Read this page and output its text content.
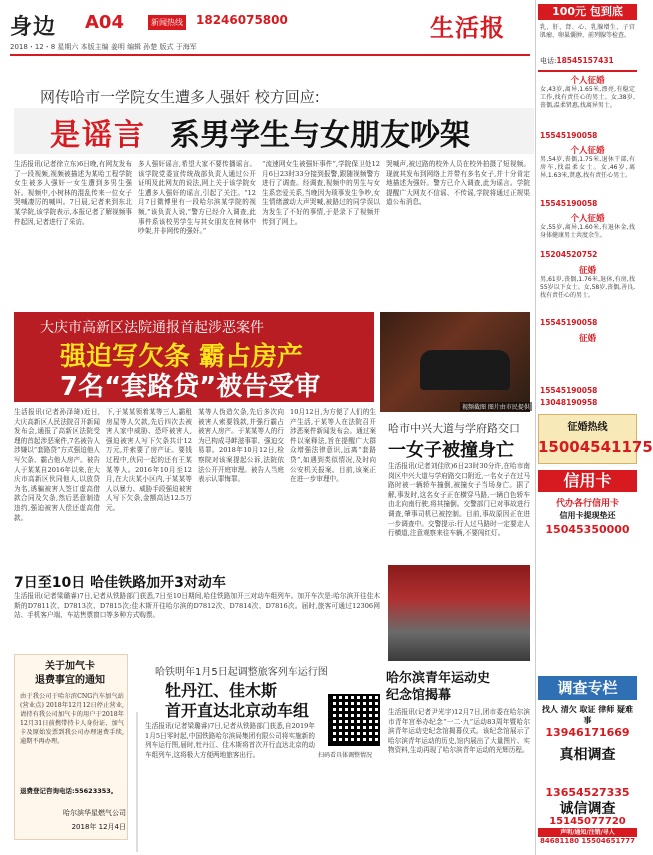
身边 A04	新闻热线 18246075800	生活报
2018・12・8 星期六 本版主编 姜明 编辑 孙楚 版式 于海军
网传哈市一学院女生遭多人强奸 校方回应:
是谣言 系男学生与女朋友吵架
生活报讯(记者徐立东)6日晚,有网友发布了一段视频,视频被描述为某哈工程学院女生被多人强奸一女生遭到多男生强奸。视频中,小树林的混乱传来一位女子哭喊凄厉的喊叫。7日晨,记者来到东北某学院,该学院表示,本报记者了解视频事件起因,记者进行了采访。
多人强奸谣言,希望大家不要传播谣言。该学院党委宣传统战部负责人通过公开证明及此网友的说法,网上关于该学院女生遭多人强奸的谣言,引起了关注。“12月7日微博里有一段哈尔滨某学院的视频,”该负责人说,“警方已经介入调查,此事件系该校男学生与其女朋友在树林中吵架,并非网传的强奸。”
“流速网女生被强奸事件”,学院保卫处12月6日23时33分接到报警,跟随视频警方进行了调查。经调查,视频中的男生与女生系恋爱关系,当晚因为琐事发生争吵,女生情绪激动大声哭喊,被路过的同学误以为发生了不好的事情,于是录下了视频并传到了网上。
哭喊声,被过路的校外人员在校外拍摄了短视频。现就其发布到网络上并带有多名女子,并十分肯定地描述为强奸。警方已介入调查,此为谣言。学院提醒广大网友不信谣、不传谣,学院将通过正规渠道公布消息。
大庆市高新区法院通报首起涉恶案件
强迫写欠条 霸占房产
7名“套路贷”被告受审
生活报讯(记者孙泽琦)近日,大庆高新区人民法院召开新闻发布会,通报了高新区法院受理的首起涉恶案件,7名被告人涉嫌以“套路贷”方式强迫他人写欠条、霸占他人房产。被告人于某某自2016年以来,在大庆市高新区伙同他人,以放贷为名,诱骗被害人签订虚高借款合同及欠条,然后恶意制造违约,强迫被害人偿还虚高借款。
下,于某某领着某等三人,霸租房屋等人欠款,先后四次去被害人家中威胁、恐吓被害人,强迫被害人写下欠条共计12万元,并索要了房产证。要钱过程中,伙同一起的还有王某某等人。2016年10月至12月,在大庆某小区内,于某某等人以暴力、威胁手段强迫被害人写下欠条,金额高达12.5万元。
某等人伪造欠条,先后多次向被害人索要钱款,并强行霸占被害人房产。于某某等人的行为已构成寻衅滋事罪、强迫交易罪。2018年10月12日,检察院对该案提起公诉,法院依法公开开庭审理。被告人当庭表示认罪悔罪。
10月12日,为方便了人们的生产生活,于某等人在法院召开涉恶案件新闻发布会。通过案件以案释法,旨在提醒广大群众增强法律意识,远离“套路贷”,如遇到类似情况,及时向公安机关报案。目前,该案正在进一步审理中。
视频截图 图片由市民提供
哈市中兴大道与学府路交口
一女子被撞身亡
生活报讯(记者刘佳欣)6日23时30分许,在哈市南岗区中兴大道与学府路交口附近,一名女子在过马路时被一辆轿车撞倒,被撞女子当场身亡。据了解,事发时,这名女子正在横穿马路,一辆白色轿车由北向南行驶,将其撞倒。交警部门已对事故进行调查,肇事司机已被控制。目前,事故原因正在进一步调查中。交警提示:行人过马路时一定要走人行横道,注意观察来往车辆,不要闯红灯。
7日至10日 哈佳铁路加开3对动车
生活报讯(记者梁璐睿)7日,记者从铁路部门获悉,7日至10日期间,哈佳铁路加开三对动车组列车。加开车次是:哈尔滨开往佳木斯的D7811次、D7813次、D7815次;佳木斯开往哈尔滨的D7812次、D7814次、D7816次。届时,旅客可通过12306网站、手机客户端、车站售票窗口等多种方式购票。
关于加气卡
退费事宜的通知
由于我公司于哈尔滨CNG汽车加气站(营业点) 2018年12月12日停止营业,请持有我公司加气卡的用户于2018年12月31日前携带持卡人身份证、加气卡及原始发票到我公司办理退费手续,逾期不再办理。
退费登记咨询电话:55623353。
哈尔滨华星燃气公司
2018年 12月4日
哈铁明年1月5日起调整旅客列车运行图
牡丹江、佳木斯
首开直达北京动车组
生活报讯(记者梁璐睿)7日,记者从铁路部门获悉,自2019年1月5日零时起,中国铁路哈尔滨局集团有限公司将实施新的列车运行图,届时,牡丹江、佳木斯将首次开行直达北京的动车组列车,这将极大方便两地旅客出行。	扫码看具体调整情况
哈尔滨青年运动史
纪念馆揭幕
生活报讯(记者尹光宇)12月7日,团市委在哈尔滨市青年宫举办纪念“一二·九”运动83周年暨哈尔滨青年运动史纪念馆揭幕仪式。该纪念馆展示了哈尔滨青年运动的历史,馆内展出了大量图片、实物资料,生动再现了哈尔滨青年运动的光辉历程。
100元 包到底
乳、肝、肾、心、乳腺增生、子宫肌瘤、卵巢囊肿、前列腺等检查。
电话:18545157431
个人征婚
女,43岁,离异,1.65米,漂亮,有稳定工作,找有责任心的男士。女,38岁,丧偶,温柔贤惠,找离异男士。
15545190058
个人征婚
男,54岁,丧偶,1.75米,退休干部,有房车,找温柔女士。女,46岁,离异,1.63米,贤惠,找有责任心男士。
15545190058
个人征婚
女,55岁,离异,1.60米,有退休金,找身体健康男士共度余生。
15204520752
征婚
男,61岁,丧偶,1.76米,退休,有房,找55岁以下女士。女,58岁,丧偶,善良,找有责任心的男士。
15545190058
征婚
15545190058
13048190958
征婚热线
15004541175
信用卡
代办各行信用卡
信用卡提现垫还
15045350000
调查专栏
找人 清欠 取证 律师 疑难 事
13946171669
真相调查
13654527335
诚信调查
15145077720
声明/通知/注销/寻人
84681180 15504651777
